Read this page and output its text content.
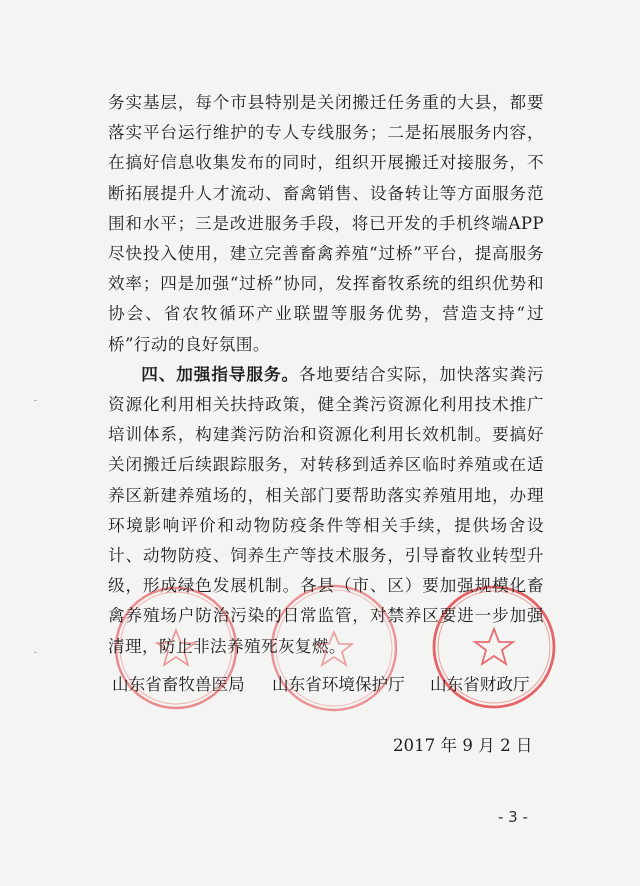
务实基层，每个市县特别是关闭搬迁任务重的大县，都要落实平台运行维护的专人专线服务；二是拓展服务内容，在搞好信息收集发布的同时，组织开展搬迁对接服务，不断拓展提升人才流动、畜禽销售、设备转让等方面服务范围和水平；三是改进服务手段，将已开发的手机终端APP尽快投入使用，建立完善畜禽养殖“过桥”平台，提高服务效率；四是加强“过桥”协同，发挥畜牧系统的组织优势和协会、省农牧循环产业联盟等服务优势，营造支持“过桥”行动的良好氛围。

四、加强指导服务。各地要结合实际，加快落实粪污资源化利用相关扶持政策，健全粪污资源化利用技术推广培训体系，构建粪污防治和资源化利用长效机制。要搞好关闭搬迁后续跟踪服务，对转移到适养区临时养殖或在适养区新建养殖场的，相关部门要帮助落实养殖用地，办理环境影响评价和动物防疫条件等相关手续，提供场舍设计、动物防疫、饲养生产等技术服务，引导畜牧业转型升级，形成绿色发展机制。各县（市、区）要加强规模化畜禽养殖场户防治污染的日常监管，对禁养区要进一步加强清理，防止非法养殖死灰复燃。

山东省畜牧兽医局 山东省环境保护厅 山东省财政厅
2017 年 9 月 2 日
- 3 -
